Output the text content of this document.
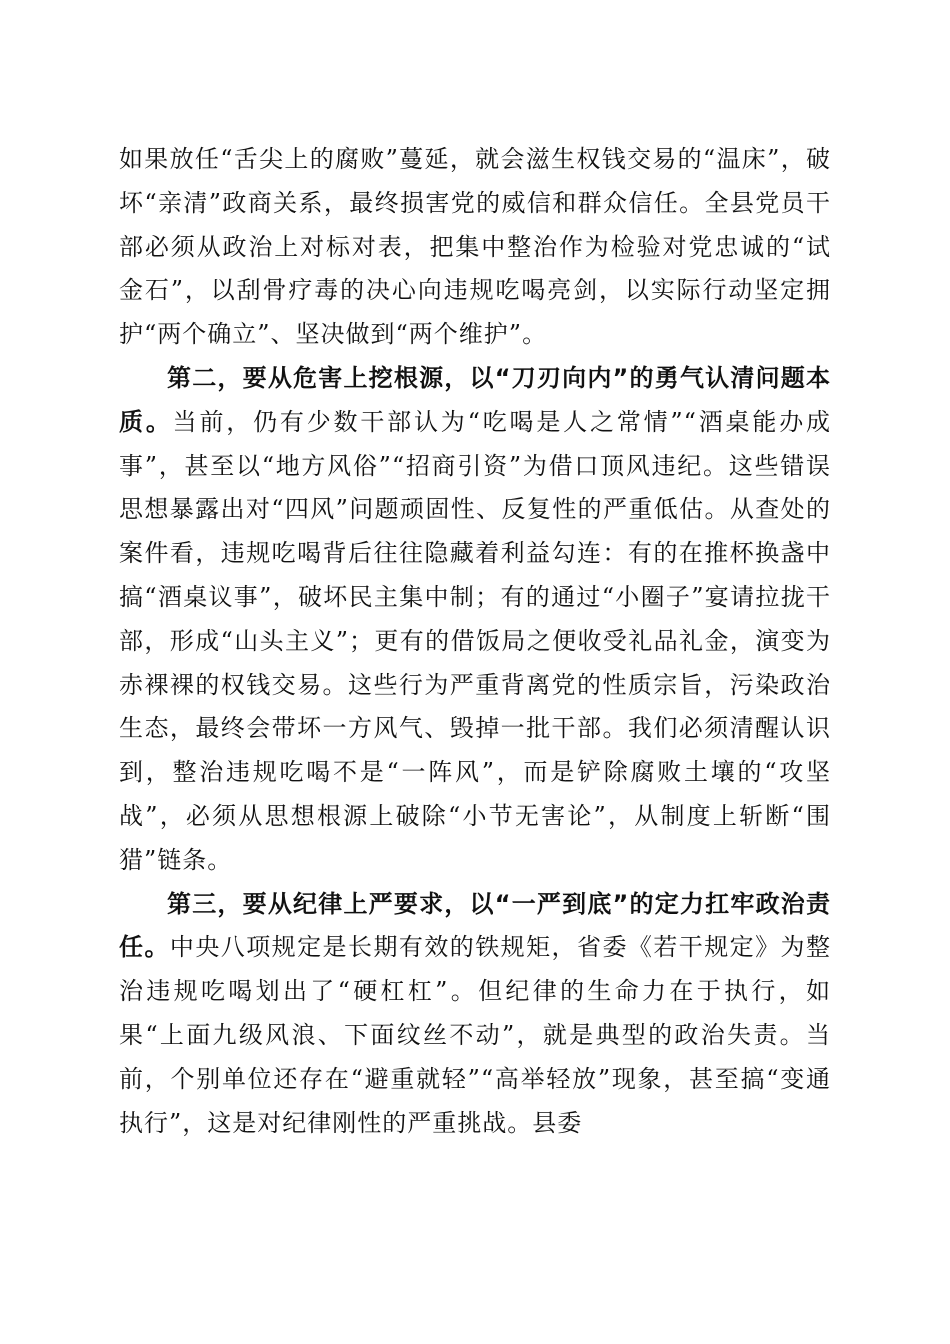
如果放任“舌尖上的腐败”蔓延，就会滋生权钱交易的“温床”，破坏“亲清”政商关系，最终损害党的威信和群众信任。全县党员干部必须从政治上对标对表，把集中整治作为检验对党忠诚的“试金石”，以刮骨疗毒的决心向违规吃喝亮剑，以实际行动坚定拥护“两个确立”、坚决做到“两个维护”。

第二，要从危害上挖根源，以“刀刃向内”的勇气认清问题本质。当前，仍有少数干部认为“吃喝是人之常情”“酒桌能办成事”，甚至以“地方风俗”“招商引资”为借口顶风违纪。这些错误思想暴露出对“四风”问题顽固性、反复性的严重低估。从查处的案件看，违规吃喝背后往往隐藏着利益勾连：有的在推杯换盏中搞“酒桌议事”，破坏民主集中制；有的通过“小圈子”宴请拉拢干部，形成“山头主义”；更有的借饭局之便收受礼品礼金，演变为赤裸裸的权钱交易。这些行为严重背离党的性质宗旨，污染政治生态，最终会带坏一方风气、毁掉一批干部。我们必须清醒认识到，整治违规吃喝不是“一阵风”，而是铲除腐败土壤的“攻坚战”，必须从思想根源上破除“小节无害论”，从制度上斩断“围猎”链条。

第三，要从纪律上严要求，以“一严到底”的定力扛牢政治责任。中央八项规定是长期有效的铁规矩，省委《若干规定》为整治违规吃喝划出了“硬杠杠”。但纪律的生命力在于执行，如果“上面九级风浪、下面纹丝不动”，就是典型的政治失责。当前，个别单位还存在“避重就轻”“高举轻放”现象，甚至搞“变通执行”，这是对纪律刚性的严重挑战。县委
